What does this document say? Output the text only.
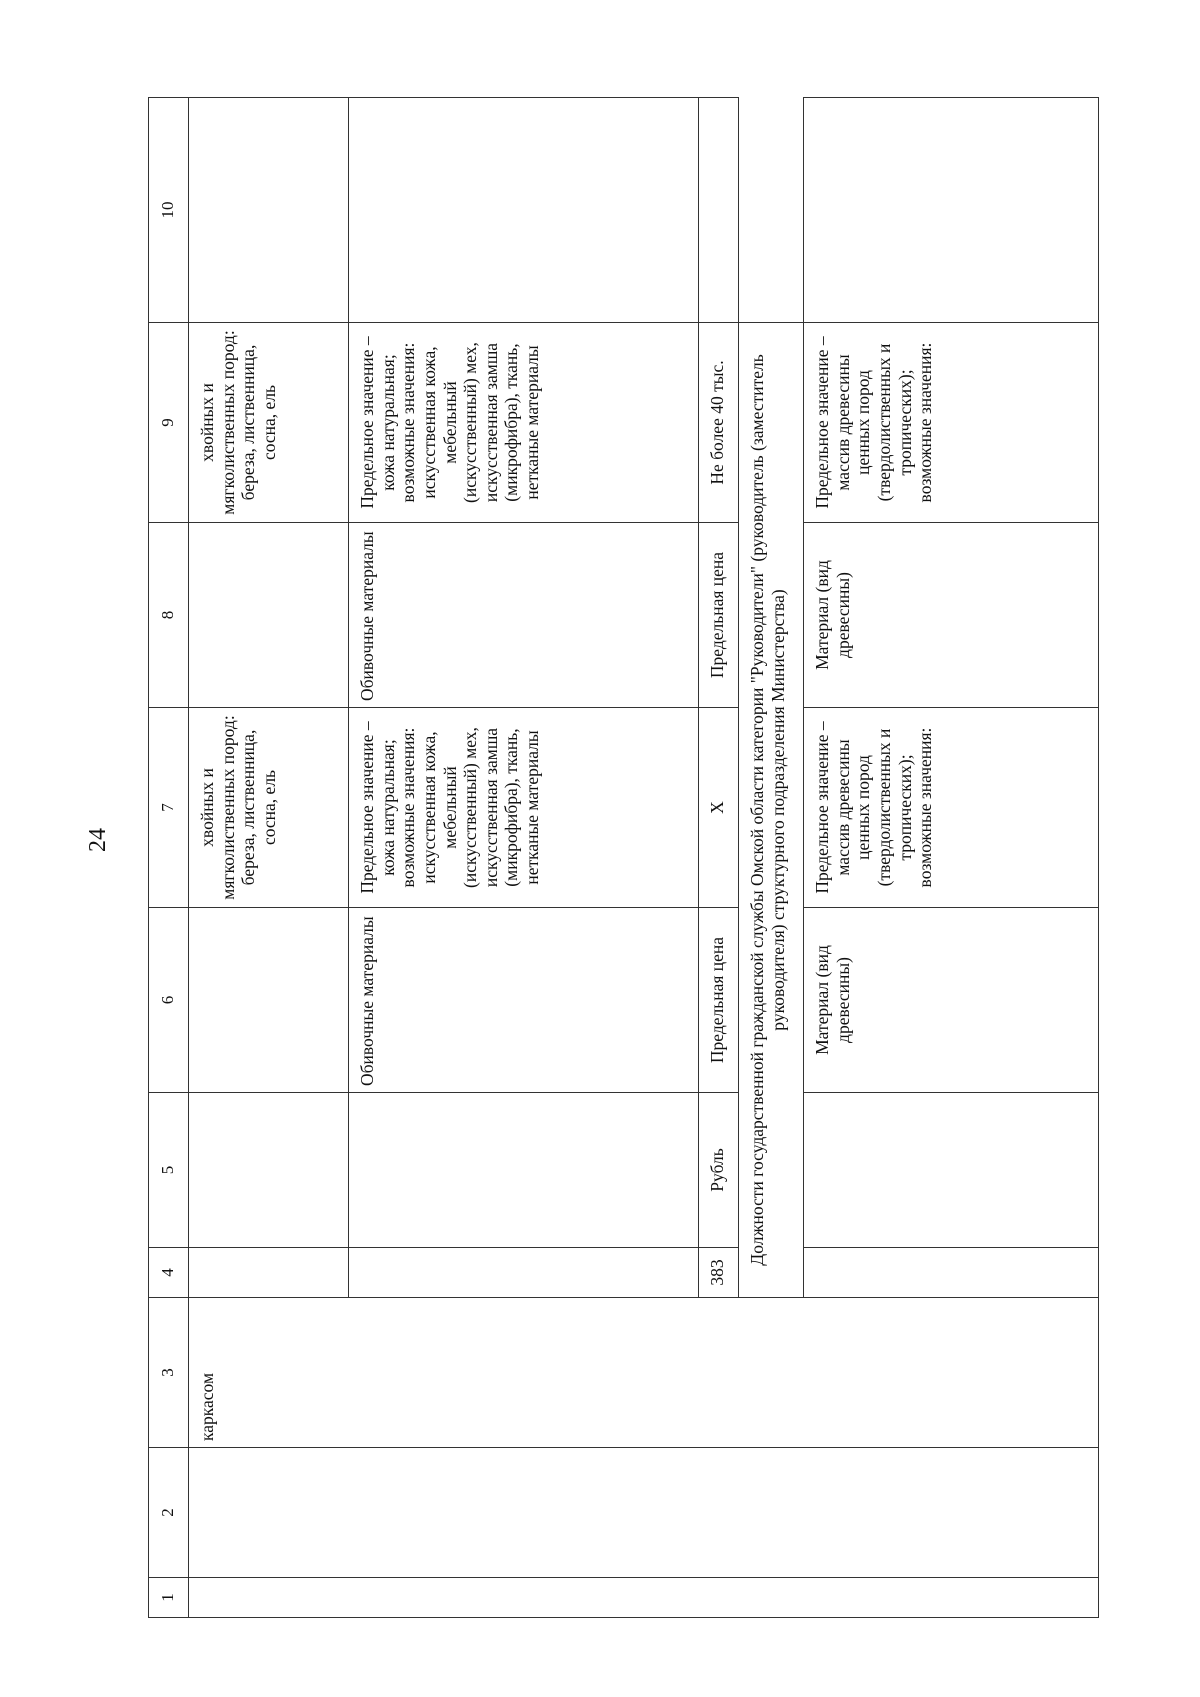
24
1	2	3	4	5	6	7	8	9	10
		каркасом				хвойных и мягколиственных пород: береза, лиственница, сосна, ель		хвойных и мягколиственных пород: береза, лиственница, сосна, ель	
					Обивочные материалы	Предельное значение – кожа натуральная; возможные значения: искусственная кожа, мебельный (искусственный) мех, искусственная замша (микрофибра), ткань, нетканые материалы	Обивочные материалы	Предельное значение – кожа натуральная; возможные значения: искусственная кожа, мебельный (искусственный) мех, искусственная замша (микрофибра), ткань, нетканые материалы	
			383	Рубль	Предельная цена	Х	Предельная цена	Не более 40 тыс.	
			Должности государственной гражданской службы Омской области категории "Руководители" (руководитель (заместитель руководителя) структурного подразделения Министерства)						
					Материал (вид древесины)	Предельное значение – массив древесины ценных пород (твердолиственных и тропических); возможные значения:	Материал (вид древесины)	Предельное значение – массив древесины ценных пород (твердолиственных и тропических); возможные значения:	
